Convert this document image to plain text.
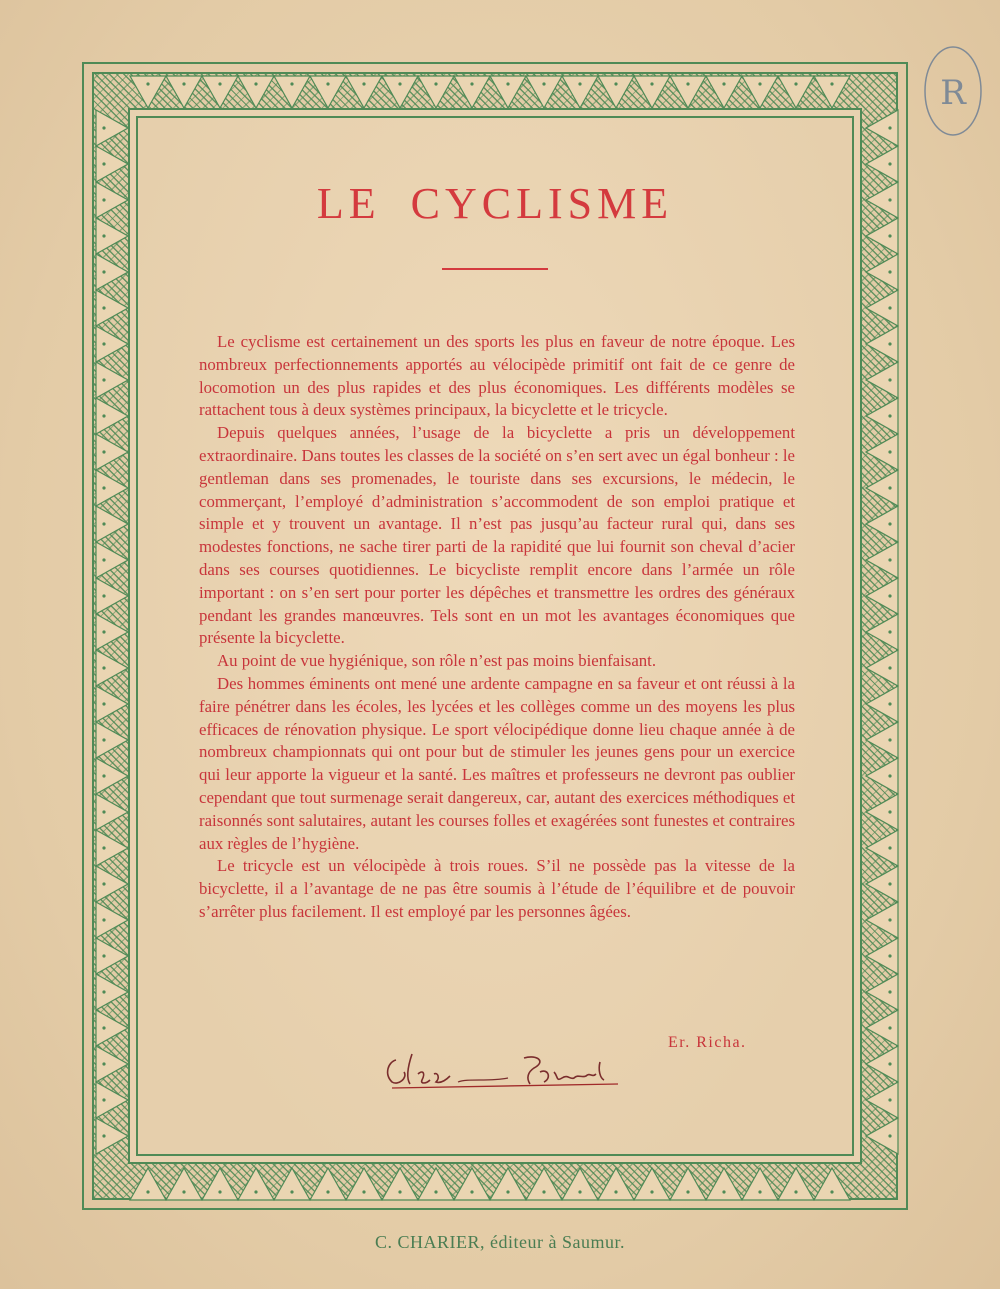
LE CYCLISME

Le cyclisme est certainement un des sports les plus en faveur de notre époque. Les nombreux perfectionnements apportés au vélocipède primitif ont fait de ce genre de locomotion un des plus rapides et des plus économiques. Les différents modèles se rattachent tous à deux systèmes principaux, la bicyclette et le tricycle.

Depuis quelques années, l’usage de la bicyclette a pris un développement extraordinaire. Dans toutes les classes de la société on s’en sert avec un égal bonheur : le gentleman dans ses promenades, le touriste dans ses excursions, le médecin, le commerçant, l’employé d’administration s’accommodent de son emploi pratique et simple et y trouvent un avantage. Il n’est pas jusqu’au facteur rural qui, dans ses modestes fonctions, ne sache tirer parti de la rapidité que lui fournit son cheval d’acier dans ses courses quotidiennes. Le bicycliste remplit encore dans l’armée un rôle important : on s’en sert pour porter les dépêches et transmettre les ordres des généraux pendant les grandes manœuvres. Tels sont en un mot les avantages économiques que présente la bicyclette.

Au point de vue hygiénique, son rôle n’est pas moins bienfaisant.

Des hommes éminents ont mené une ardente campagne en sa faveur et ont réussi à la faire pénétrer dans les écoles, les lycées et les collèges comme un des moyens les plus efficaces de rénovation physique. Le sport vélocipédique donne lieu chaque année à de nombreux championnats qui ont pour but de stimuler les jeunes gens pour un exercice qui leur apporte la vigueur et la santé. Les maîtres et professeurs ne devront pas oublier cependant que tout surmenage serait dangereux, car, autant des exercices méthodiques et raisonnés sont salutaires, autant les courses folles et exagérées sont funestes et contraires aux règles de l’hygiène.

Le tricycle est un vélocipède à trois roues. S’il ne possède pas la vitesse de la bicyclette, il a l’avantage de ne pas être soumis à l’étude de l’équilibre et de pouvoir s’arrêter plus facilement. Il est employé par les personnes âgées.

Er. Richa.
C. CHARIER, éditeur à Saumur.
R
